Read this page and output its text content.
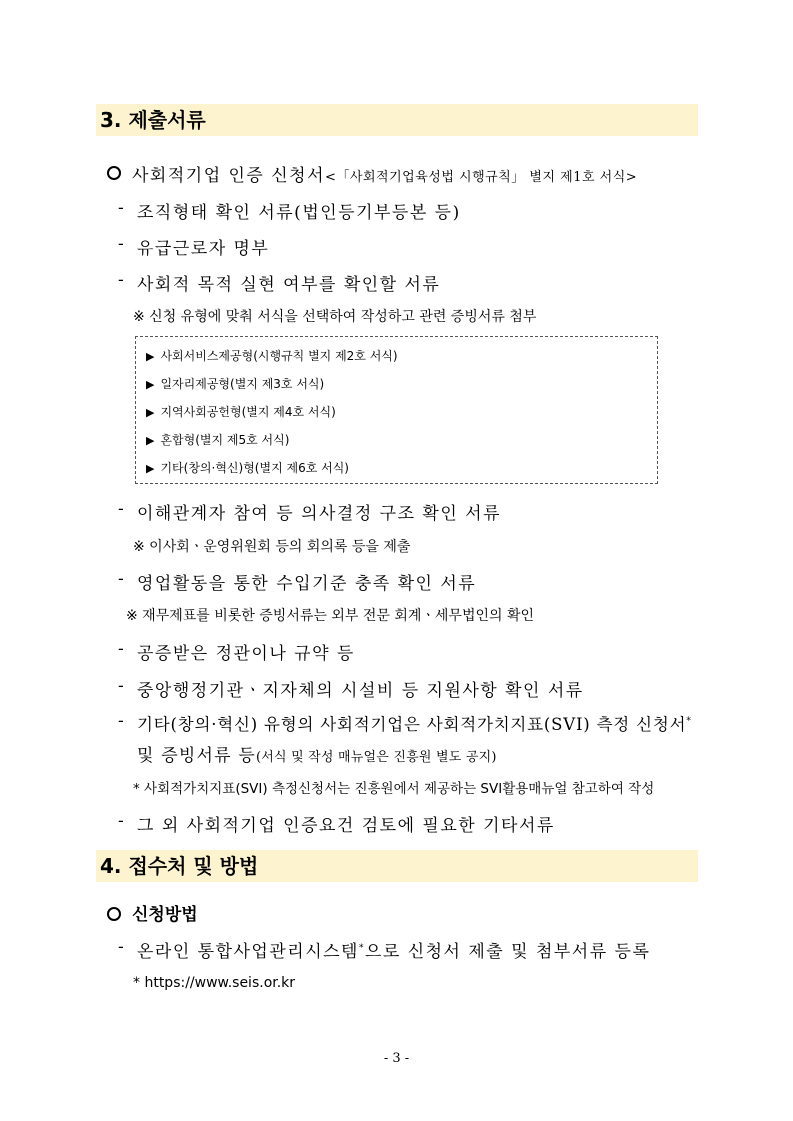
3. 제출서류
사회적기업 인증 신청서<「사회적기업육성법 시행규칙」 별지 제1호 서식>
- 조직형태 확인 서류(법인등기부등본 등)
- 유급근로자 명부
- 사회적 목적 실현 여부를 확인할 서류
※ 신청 유형에 맞춰 서식을 선택하여 작성하고 관련 증빙서류 첨부
▶ 사회서비스제공형(시행규칙 별지 제2호 서식)
▶ 일자리제공형(별지 제3호 서식)
▶ 지역사회공헌형(별지 제4호 서식)
▶ 혼합형(별지 제5호 서식)
▶ 기타(창의·혁신)형(별지 제6호 서식)
- 이해관계자 참여 등 의사결정 구조 확인 서류
※ 이사회ㆍ운영위원회 등의 회의록 등을 제출
- 영업활동을 통한 수입기준 충족 확인 서류
※ 재무제표를 비롯한 증빙서류는 외부 전문 회계ㆍ세무법인의 확인
- 공증받은 정관이나 규약 등
- 중앙행정기관ㆍ지자체의 시설비 등 지원사항 확인 서류
- 기타(창의·혁신) 유형의 사회적기업은 사회적가치지표(SVI) 측정 신청서*
및 증빙서류 등(서식 및 작성 매뉴얼은 진흥원 별도 공지)
* 사회적가치지표(SVI) 측정신청서는 진흥원에서 제공하는 SVI활용매뉴얼 참고하여 작성
- 그 외 사회적기업 인증요건 검토에 필요한 기타서류
4. 접수처 및 방법
신청방법
- 온라인 통합사업관리시스템*으로 신청서 제출 및 첨부서류 등록
* https://www.seis.or.kr
- 3 -
